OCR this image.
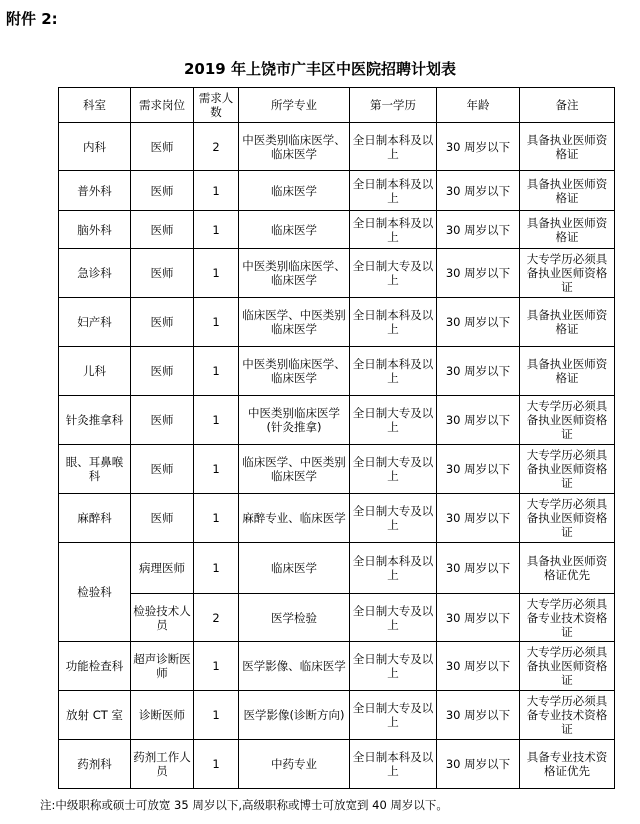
附件 2:
2019 年上饶市广丰区中医院招聘计划表
科室	需求岗位	需求人数	所学专业	第一学历	年龄	备注
内科	医师	2	中医类别临床医学、临床医学	全日制本科及以上	30 周岁以下	具备执业医师资格证
普外科	医师	1	临床医学	全日制本科及以上	30 周岁以下	具备执业医师资格证
脑外科	医师	1	临床医学	全日制本科及以上	30 周岁以下	具备执业医师资格证
急诊科	医师	1	中医类别临床医学、临床医学	全日制大专及以上	30 周岁以下	大专学历必须具备执业医师资格证
妇产科	医师	1	临床医学、中医类别临床医学	全日制本科及以上	30 周岁以下	具备执业医师资格证
儿科	医师	1	中医类别临床医学、临床医学	全日制本科及以上	30 周岁以下	具备执业医师资格证
针灸推拿科	医师	1	中医类别临床医学(针灸推拿)	全日制大专及以上	30 周岁以下	大专学历必须具备执业医师资格证
眼、耳鼻喉科	医师	1	临床医学、中医类别临床医学	全日制大专及以上	30 周岁以下	大专学历必须具备执业医师资格证
麻醉科	医师	1	麻醉专业、临床医学	全日制大专及以上	30 周岁以下	大专学历必须具备执业医师资格证
检验科	病理医师	1	临床医学	全日制本科及以上	30 周岁以下	具备执业医师资格证优先
	检验技术人员	2	医学检验	全日制大专及以上	30 周岁以下	大专学历必须具备专业技术资格证
功能检查科	超声诊断医师	1	医学影像、临床医学	全日制大专及以上	30 周岁以下	大专学历必须具备执业医师资格证
放射 CT 室	诊断医师	1	医学影像(诊断方向)	全日制大专及以上	30 周岁以下	大专学历必须具备专业技术资格证
药剂科	药剂工作人员	1	中药专业	全日制本科及以上	30 周岁以下	具备专业技术资格证优先
注:中级职称或硕士可放宽 35 周岁以下,高级职称或博士可放宽到 40 周岁以下。
